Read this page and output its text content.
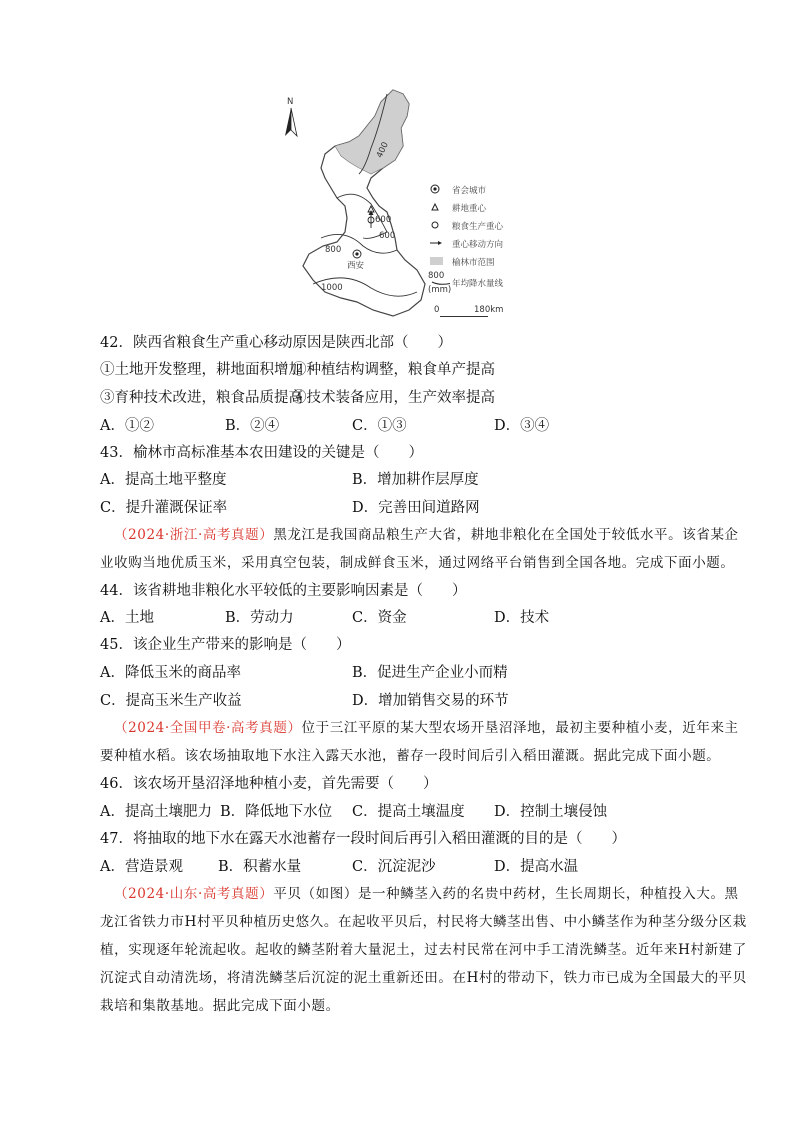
N
400
600
600
800
1000
西安
省会城市
耕地重心
粮食生产重心
重心移动方向
榆林市范围
800
(mm)
年均降水量线
0	180km
42．陕西省粮食生产重心移动原因是陕西北部（　　）
①土地开发整理，耕地面积增加
②种植结构调整，粮食单产提高
③育种技术改进，粮食品质提高
④技术装备应用，生产效率提高
A．①②	B．②④	C．①③	D．③④
43．榆林市高标准基本农田建设的关键是（　　）
A．提高土地平整度	B．增加耕作层厚度
C．提升灌溉保证率	D．完善田间道路网
（2024·浙江·高考真题）黑龙江是我国商品粮生产大省，耕地非粮化在全国处于较低水平。该省某企
业收购当地优质玉米，采用真空包装，制成鲜食玉米，通过网络平台销售到全国各地。完成下面小题。
44．该省耕地非粮化水平较低的主要影响因素是（　　）
A．土地	B．劳动力	C．资金	D．技术
45．该企业生产带来的影响是（　　）
A．降低玉米的商品率	B．促进生产企业小而精
C．提高玉米生产收益	D．增加销售交易的环节
（2024·全国甲卷·高考真题）位于三江平原的某大型农场开垦沼泽地，最初主要种植小麦，近年来主
要种植水稻。该农场抽取地下水注入露天水池，蓄存一段时间后引入稻田灌溉。据此完成下面小题。
46．该农场开垦沼泽地种植小麦，首先需要（　　）
A．提高土壤肥力 B．降低地下水位 C．提高土壤温度 D．控制土壤侵蚀
47．将抽取的地下水在露天水池蓄存一段时间后再引入稻田灌溉的目的是（　　）
A．营造景观 B．积蓄水量	C．沉淀泥沙	D．提高水温
（2024·山东·高考真题）平贝（如图）是一种鳞茎入药的名贵中药材，生长周期长，种植投入大。黑
龙江省铁力市H村平贝种植历史悠久。在起收平贝后，村民将大鳞茎出售、中小鳞茎作为种茎分级分区栽
植，实现逐年轮流起收。起收的鳞茎附着大量泥土，过去村民常在河中手工清洗鳞茎。近年来H村新建了
沉淀式自动清洗场，将清洗鳞茎后沉淀的泥土重新还田。在H村的带动下，铁力市已成为全国最大的平贝
栽培和集散基地。据此完成下面小题。
